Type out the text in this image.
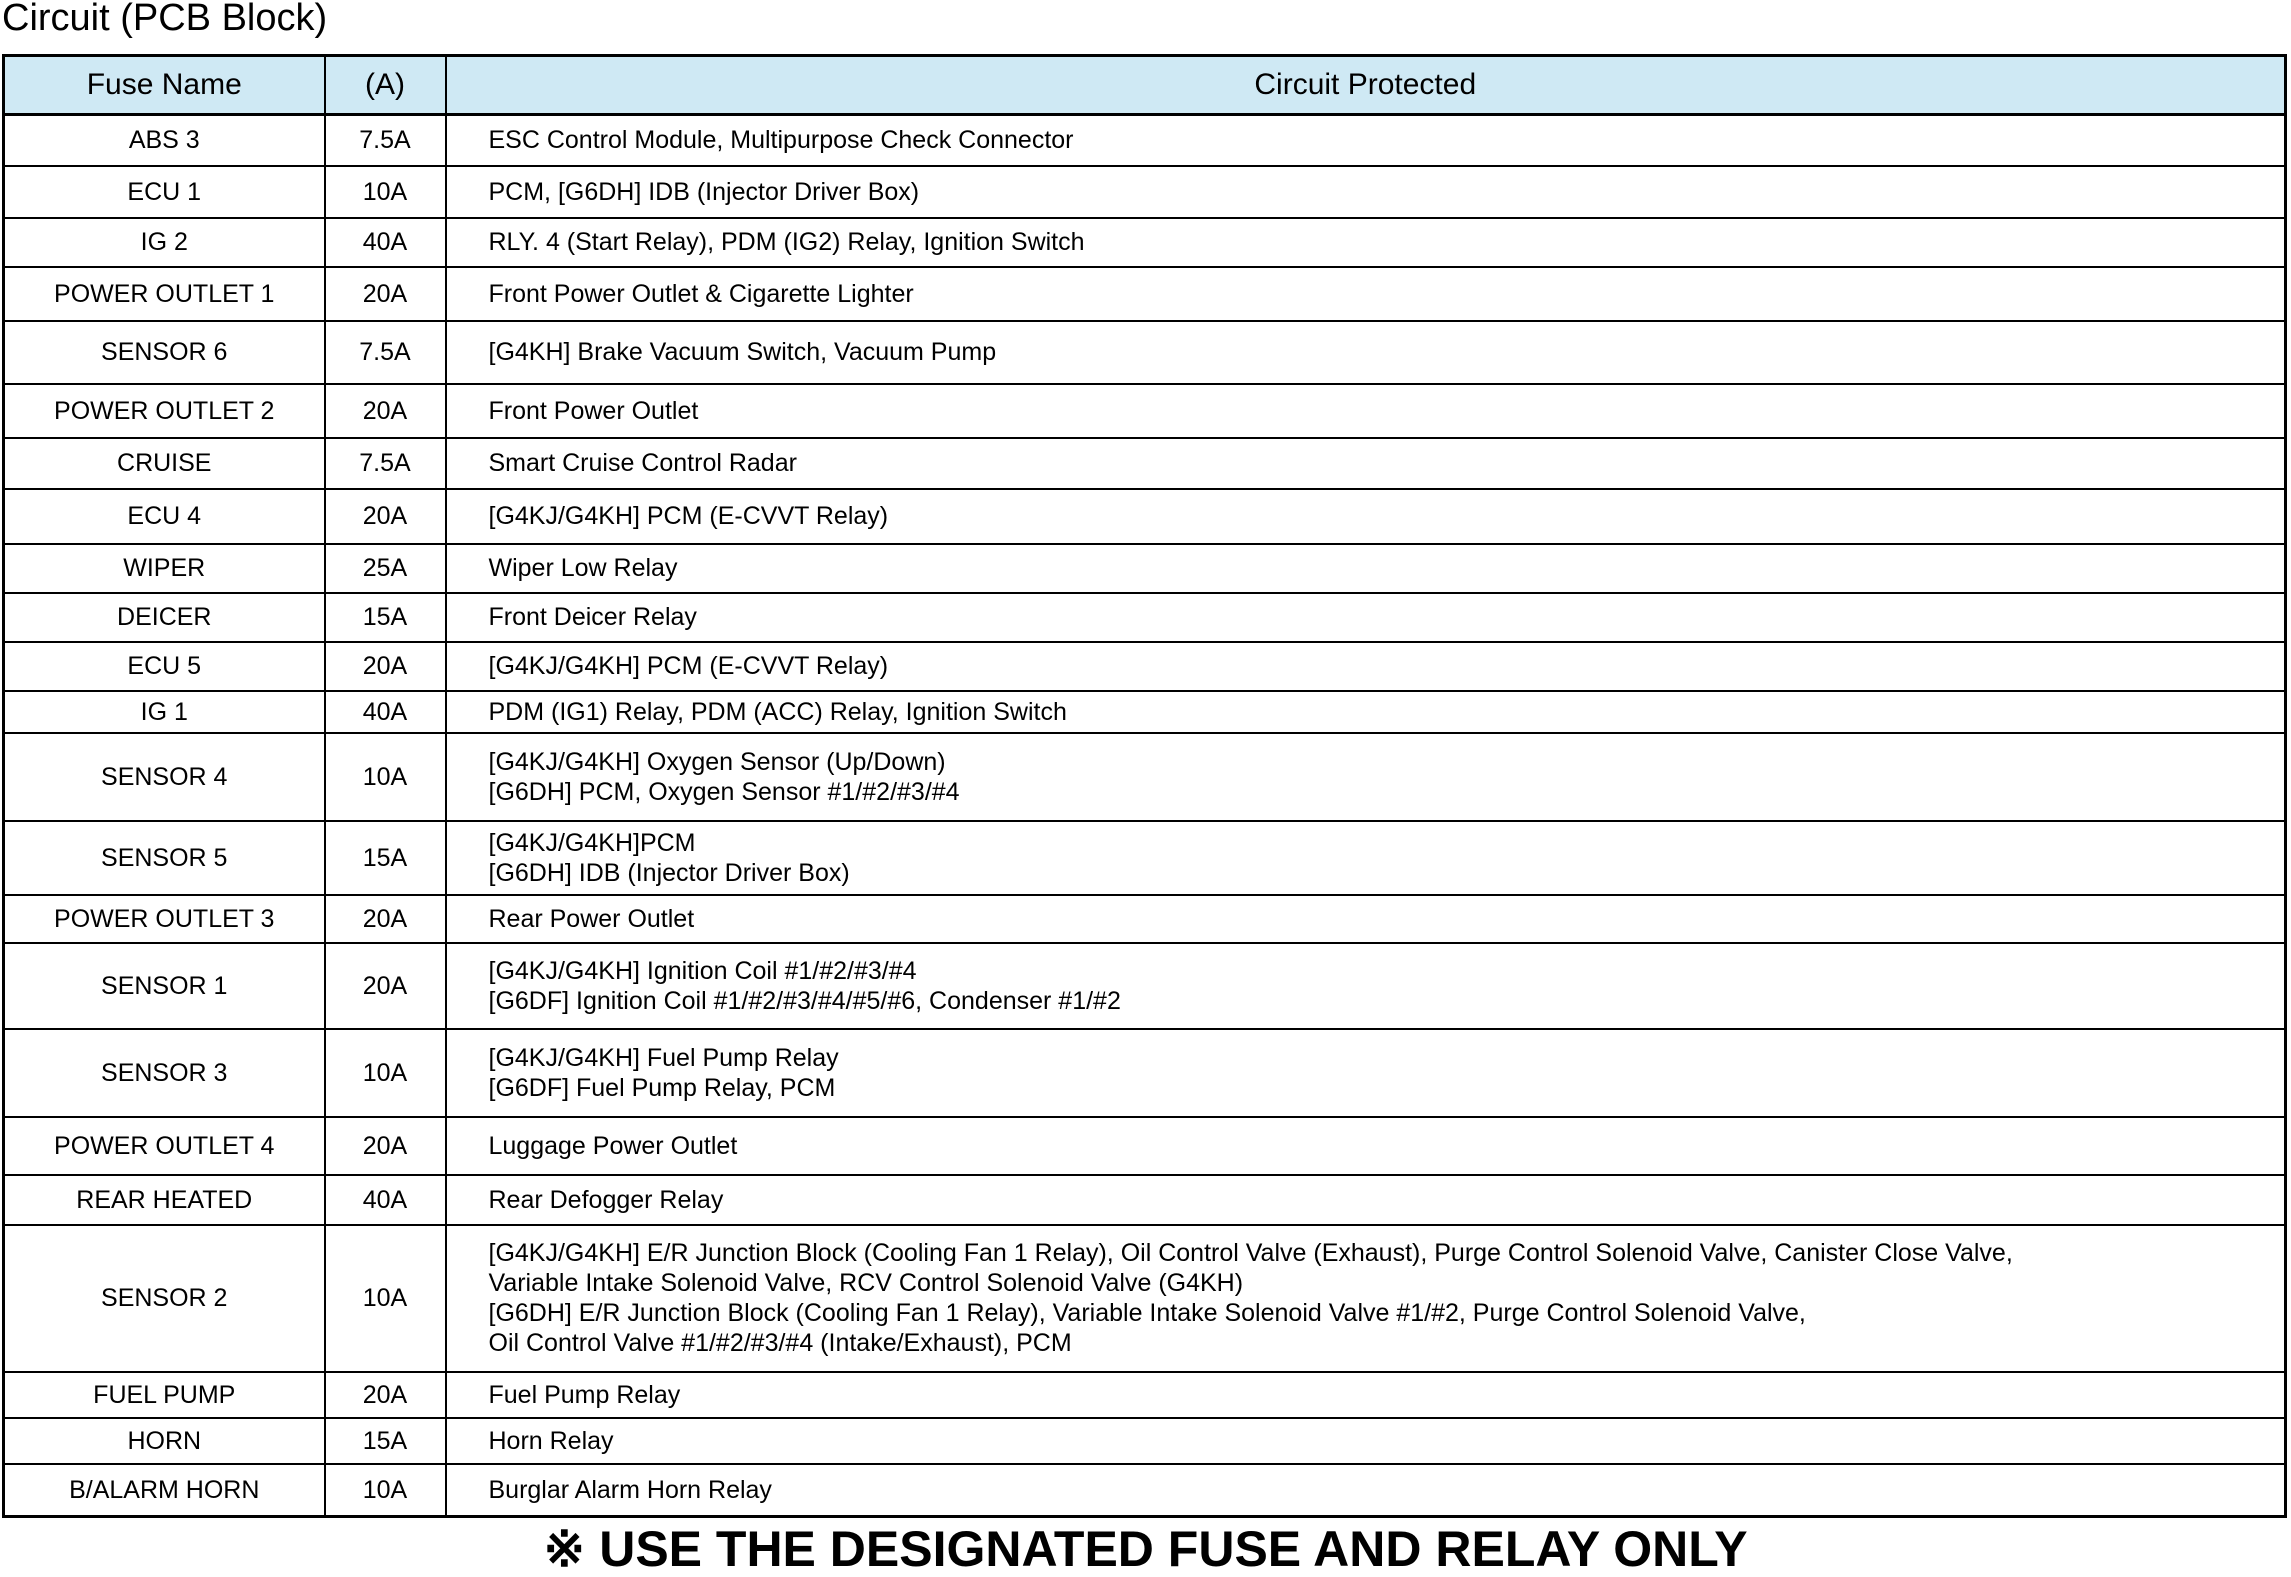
Circuit (PCB Block)
Fuse Name	(A)	Circuit Protected
ABS 3	7.5A	ESC Control Module, Multipurpose Check Connector
ECU 1	10A	PCM, [G6DH] IDB (Injector Driver Box)
IG 2	40A	RLY. 4 (Start Relay), PDM (IG2) Relay, Ignition Switch
POWER OUTLET 1	20A	Front Power Outlet & Cigarette Lighter
SENSOR 6	7.5A	[G4KH] Brake Vacuum Switch, Vacuum Pump
POWER OUTLET 2	20A	Front Power Outlet
CRUISE	7.5A	Smart Cruise Control Radar
ECU 4	20A	[G4KJ/G4KH] PCM (E-CVVT Relay)
WIPER	25A	Wiper Low Relay
DEICER	15A	Front Deicer Relay
ECU 5	20A	[G4KJ/G4KH] PCM (E-CVVT Relay)
IG 1	40A	PDM (IG1) Relay, PDM (ACC) Relay, Ignition Switch
SENSOR 4	10A	[G4KJ/G4KH] Oxygen Sensor (Up/Down)
[G6DH] PCM, Oxygen Sensor #1/#2/#3/#4
SENSOR 5	15A	[G4KJ/G4KH]PCM
[G6DH] IDB (Injector Driver Box)
POWER OUTLET 3	20A	Rear Power Outlet
SENSOR 1	20A	[G4KJ/G4KH] Ignition Coil #1/#2/#3/#4
[G6DF] Ignition Coil #1/#2/#3/#4/#5/#6, Condenser #1/#2
SENSOR 3	10A	[G4KJ/G4KH] Fuel Pump Relay
[G6DF] Fuel Pump Relay, PCM
POWER OUTLET 4	20A	Luggage Power Outlet
REAR HEATED	40A	Rear Defogger Relay
SENSOR 2	10A	[G4KJ/G4KH] E/R Junction Block (Cooling Fan 1 Relay), Oil Control Valve (Exhaust), Purge Control Solenoid Valve, Canister Close Valve,
Variable Intake Solenoid Valve, RCV Control Solenoid Valve (G4KH)
[G6DH] E/R Junction Block (Cooling Fan 1 Relay), Variable Intake Solenoid Valve #1/#2, Purge Control Solenoid Valve,
Oil Control Valve #1/#2/#3/#4 (Intake/Exhaust), PCM
FUEL PUMP	20A	Fuel Pump Relay
HORN	15A	Horn Relay
B/ALARM HORN	10A	Burglar Alarm Horn Relay
※ USE THE DESIGNATED FUSE AND RELAY ONLY
